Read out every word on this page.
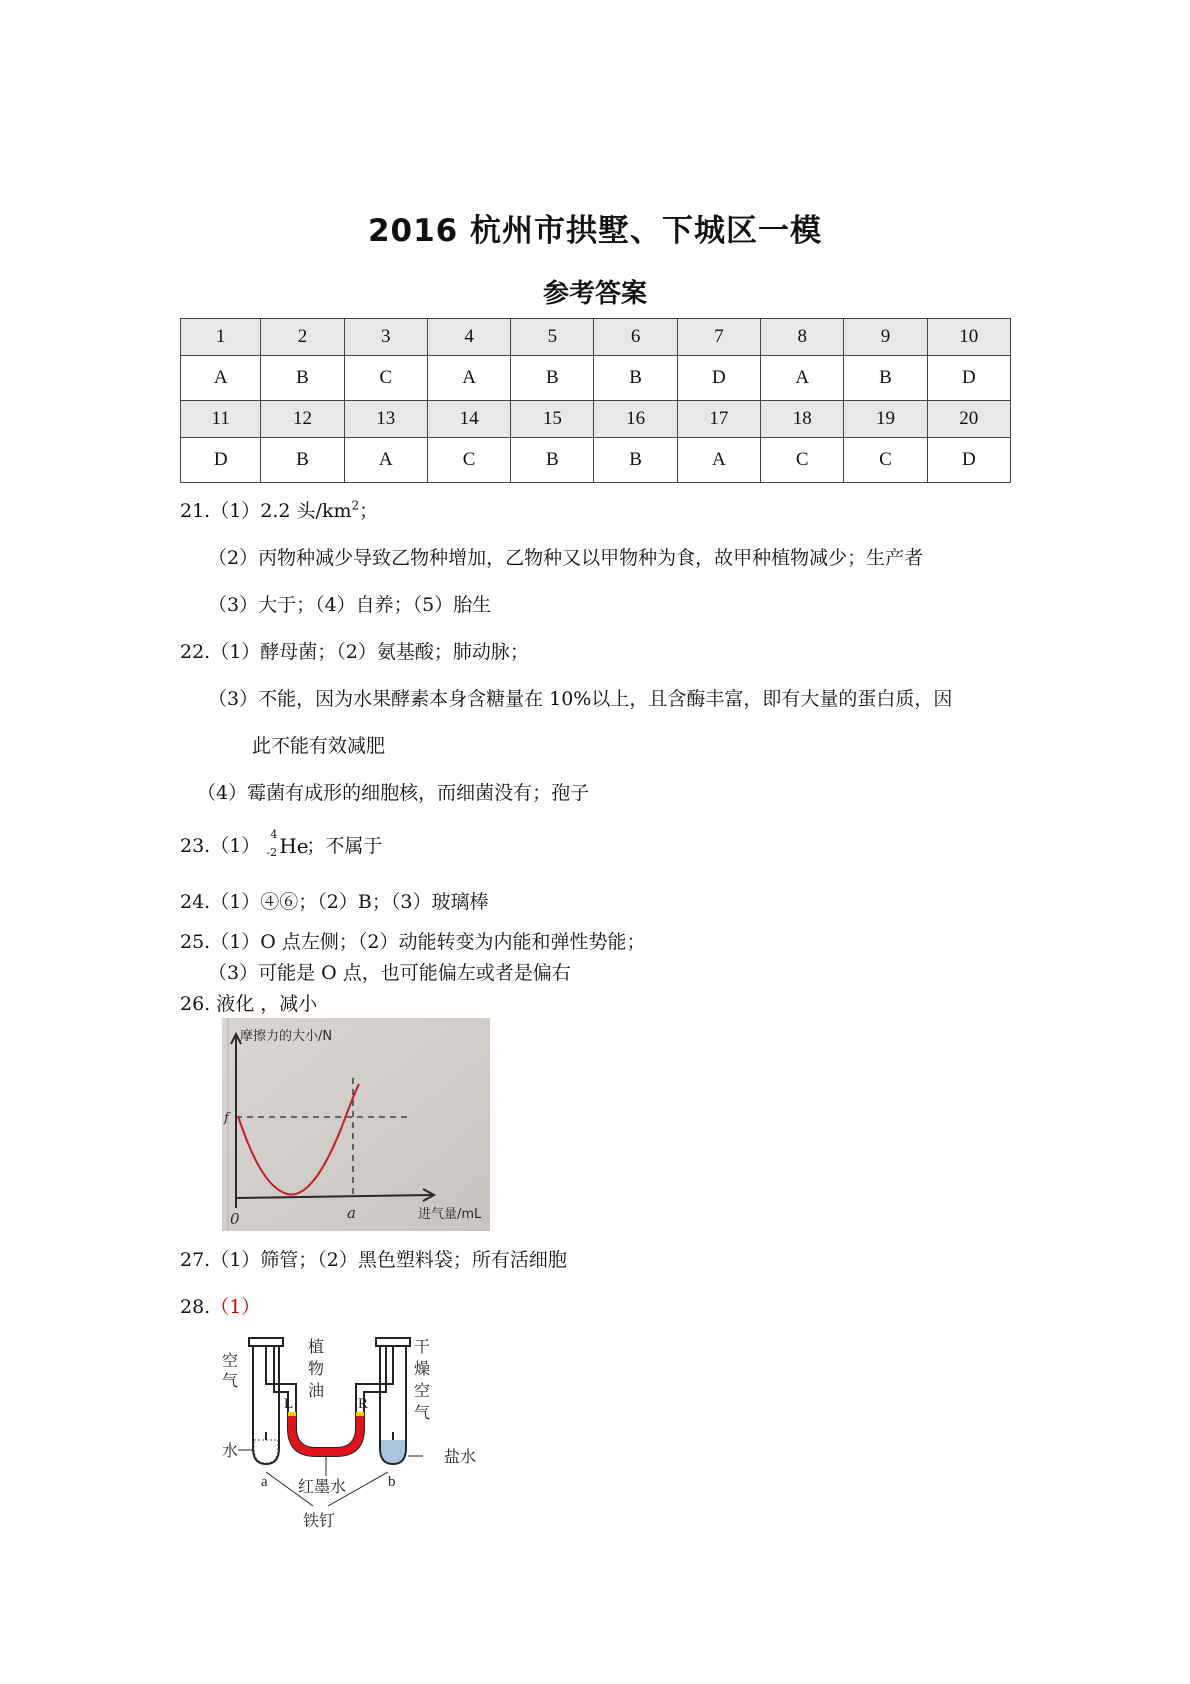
2016 杭州市拱墅、下城区一模
参考答案
1	2	3	4	5	6	7	8	9	10
A	B	C	A	B	B	D	A	B	D
11	12	13	14	15	16	17	18	19	20
D	B	A	C	B	B	A	C	C	D
21.（1）2.2 头$/km^2$；
（2）丙物种减少导致乙物种增加，乙物种又以甲物种为食，故甲种植物减少；生产者
（3）大于；（4）自养；（5）胎生
22.（1）酵母菌；（2）氨基酸；肺动脉；
（3）不能，因为水果酵素本身含糖量在 10%以上，且含酶丰富，即有大量的蛋白质，因
此不能有效减肥
（4）霉菌有成形的细胞核，而细菌没有；孢子
23.（1）
4
-2 He
；不属于
24.（1）④⑥；（2）B；（3）玻璃棒
25.（1）O 点左侧；（2）动能转变为内能和弹性势能；
（3）可能是 O 点，也可能偏左或者是偏右
26. 液化 ，减小
摩擦力的大小/N
f
0	a	进气量/mL
27.（1）筛管；（2）黑色塑料袋；所有活细胞
28.（1）
空
气
植
物
油
干
燥
空
气
L	R
a	b
水
红墨水
盐水
铁钉
